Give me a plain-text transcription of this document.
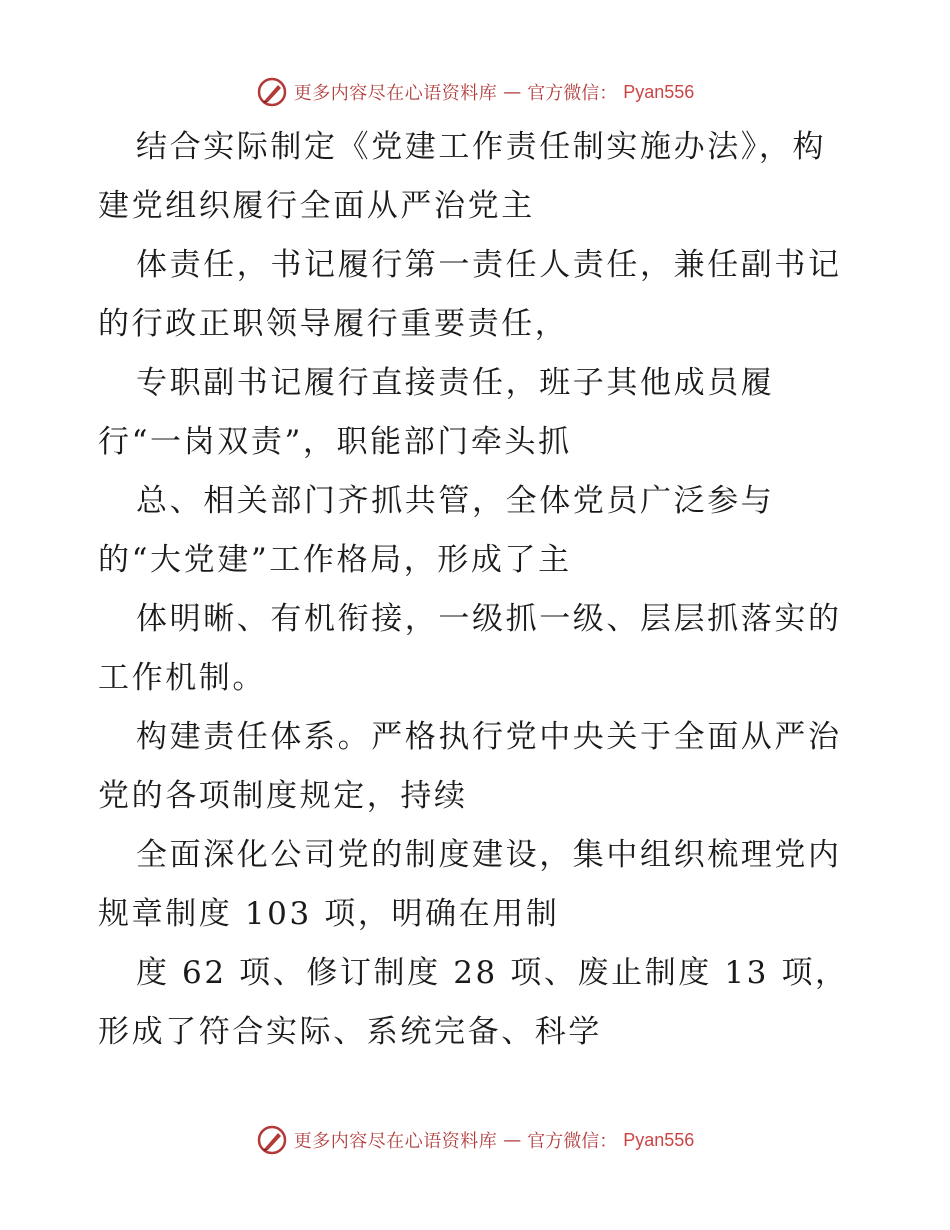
更多内容尽在心语资料库 — 官方微信： Pyan556
结合实际制定《党建工作责任制实施办法》，构
建党组织履行全面从严治党主
体责任，书记履行第一责任人责任，兼任副书记
的行政正职领导履行重要责任，
专职副书记履行直接责任，班子其他成员履
行“一岗双责”，职能部门牵头抓
总、相关部门齐抓共管，全体党员广泛参与
的“大党建”工作格局，形成了主
体明晰、有机衔接，一级抓一级、层层抓落实的
工作机制。
构建责任体系。严格执行党中央关于全面从严治
党的各项制度规定，持续
全面深化公司党的制度建设，集中组织梳理党内
规章制度 103 项，明确在用制
度 62 项、修订制度 28 项、废止制度 13 项，
形成了符合实际、系统完备、科学
更多内容尽在心语资料库 — 官方微信： Pyan556
